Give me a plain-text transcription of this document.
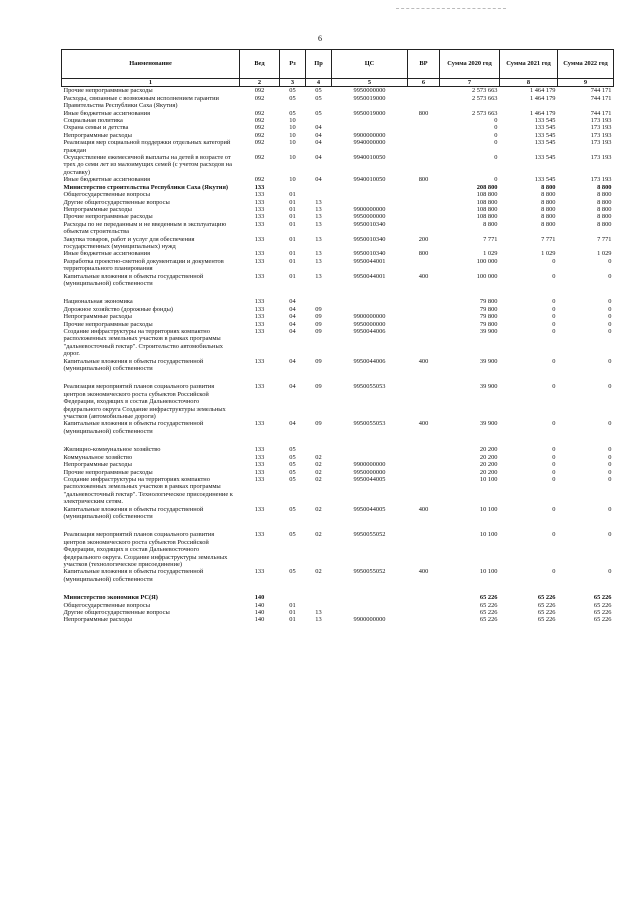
6
Наименование	Вед	Рз	Пр	ЦС	ВР	Сумма 2020 год	Сумма 2021 год	Сумма 2022 год
1	2	3	4	5	6	7	8	9
Прочие непрограммные расходы	092	05	05	9950000000		2 573 663	1 464 179	744 171
Расходы, связанные с возможным исполнением гарантии Правительства Республики Саха (Якутия)	092	05	05	9950019000		2 573 663	1 464 179	744 171
Иные бюджетные ассигнования	092	05	05	9950019000	800	2 573 663	1 464 179	744 171
Социальная политика	092	10				0	133 545	173 193
Охрана семьи и детства	092	10	04			0	133 545	173 193
Непрограммные расходы	092	10	04	9900000000		0	133 545	173 193
Реализация мер социальной поддержки отдельных категорий граждан	092	10	04	9940000000		0	133 545	173 193
Осуществление ежемесячной выплаты на детей в возрасте от трех до семи лет из малоимущих семей (с учетом расходов на доставку)	092	10	04	9940010050		0	133 545	173 193
Иные бюджетные ассигнования	092	10	04	9940010050	800	0	133 545	173 193
Министерство строительства Республики Саха (Якутия)	133					208 800	8 800	8 800
Общегосударственные вопросы	133	01				108 800	8 800	8 800
Другие общегосударственные вопросы	133	01	13			108 800	8 800	8 800
Непрограммные расходы	133	01	13	9900000000		108 800	8 800	8 800
Прочие непрограммные расходы	133	01	13	9950000000		108 800	8 800	8 800
Расходы по не переданным и не введенным в эксплуатацию объектам строительства	133	01	13	9950010340		8 800	8 800	8 800
Закупка товаров, работ и услуг для обеспечения государственных (муниципальных) нужд	133	01	13	9950010340	200	7 771	7 771	7 771
Иные бюджетные ассигнования	133	01	13	9950010340	800	1 029	1 029	1 029
Разработка проектно-сметной документации и документов территориального планирования	133	01	13	9950044001		100 000	0	0
Капитальные вложения в объекты государственной (муниципальной) собственности	133	01	13	9950044001	400	100 000	0	0

Национальная экономика	133	04				79 800	0	0
Дорожное хозяйство (дорожные фонды)	133	04	09			79 800	0	0
Непрограммные расходы	133	04	09	9900000000		79 800	0	0
Прочие непрограммные расходы	133	04	09	9950000000		79 800	0	0
Создание инфраструктуры на территориях компактно расположенных земельных участков в рамках программы "дальневосточный гектар". Строительство автомобильных дорог.	133	04	09	9950044006		39 900	0	0
Капитальные вложения в объекты государственной (муниципальной) собственности	133	04	09	9950044006	400	39 900	0	0

Реализация мероприятий планов социального развития центров экономического роста субъектов Российской Федерации, входящих в состав Дальневосточного федерального округа Создание инфраструктуры земельных участков (автомобильные дороги)	133	04	09	9950055053		39 900	0	0
Капитальные вложения в объекты государственной (муниципальной) собственности	133	04	09	9950055053	400	39 900	0	0

Жилищно-коммунальное хозяйство	133	05				20 200	0	0
Коммунальное хозяйство	133	05	02			20 200	0	0
Непрограммные расходы	133	05	02	9900000000		20 200	0	0
Прочие непрограммные расходы	133	05	02	9950000000		20 200	0	0
Создание инфраструктуры на территориях компактно расположенных земельных участков в рамках программы "дальневосточный гектар". Технологическое присоединение к электрическим сетям.	133	05	02	9950044005		10 100	0	0
Капитальные вложения в объекты государственной (муниципальной) собственности	133	05	02	9950044005	400	10 100	0	0

Реализация мероприятий планов социального развития центров экономического роста субъектов Российской Федерации, входящих в состав Дальневосточного федерального округа. Создание инфраструктуры земельных участков (технологическое присоединение)	133	05	02	9950055052		10 100	0	0
Капитальные вложения в объекты государственной (муниципальной) собственности	133	05	02	9950055052	400	10 100	0	0

Министерство экономики РС(Я)	140					65 226	65 226	65 226
Общегосударственные вопросы	140	01				65 226	65 226	65 226
Другие общегосударственные вопросы	140	01	13			65 226	65 226	65 226
Непрограммные расходы	140	01	13	9900000000		65 226	65 226	65 226
